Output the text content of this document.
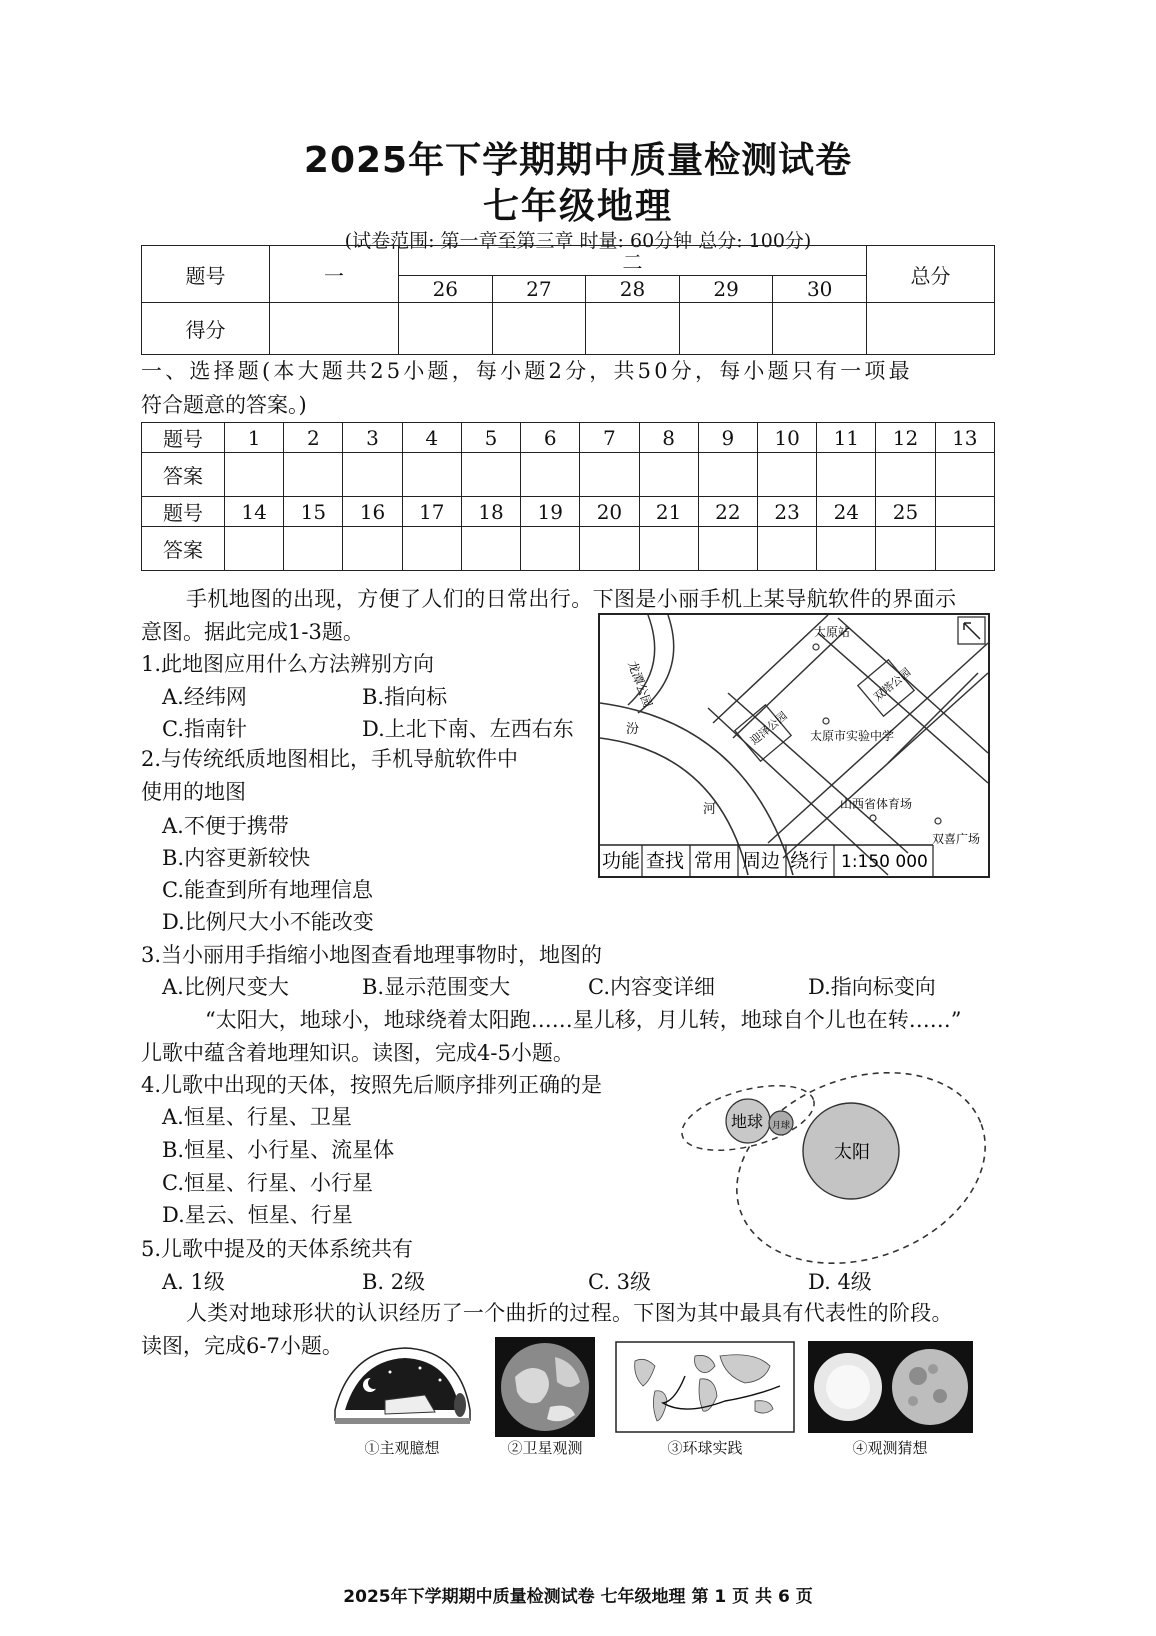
2025年下学期期中质量检测试卷
七年级地理
(试卷范围: 第一章至第三章 时量: 60分钟 总分: 100分)
题号	一	二					总分
		26	27	28	29	30	
得分							
一、选择题(本大题共25小题，每小题2分，共50分，每小题只有一项最
符合题意的答案。)
题号	1	2	3	4	5	6	7	8	9	10	11	12	13
答案													
题号	14	15	16	17	18	19	20	21	22	23	24	25	
答案													
手机地图的出现，方便了人们的日常出行。下图是小丽手机上某导航软件的界面示
意图。据此完成1-3题。
1.此地图应用什么方法辨别方向
A.经纬网	B.指向标
C.指南针	D.上北下南、左西右东
2.与传统纸质地图相比，手机导航软件中
使用的地图
A.不便于携带
B.内容更新较快
C.能查到所有地理信息
D.比例尺大小不能改变
龙潭公园
太原站
迎泽公园
双塔公园
太原市实验中学
山西省体育场
双喜广场
汾
河
功能 查找 常用 周边 绕行 1:150 000
3.当小丽用手指缩小地图查看地理事物时，地图的
A.比例尺变大	B.显示范围变大	C.内容变详细	D.指向标变向
“太阳大，地球小，地球绕着太阳跑……星儿移，月儿转，地球自个儿也在转……”
儿歌中蕴含着地理知识。读图，完成4-5小题。
4.儿歌中出现的天体，按照先后顺序排列正确的是
A.恒星、行星、卫星
B.恒星、小行星、流星体
C.恒星、行星、小行星
D.星云、恒星、行星
地球 月球
太阳
5.儿歌中提及的天体系统共有
A. 1级	B. 2级	C. 3级	D. 4级
人类对地球形状的认识经历了一个曲折的过程。下图为其中最具有代表性的阶段。
读图，完成6-7小题。
①主观臆想	②卫星观测	③环球实践	④观测猜想
2025年下学期期中质量检测试卷 七年级地理 第 1 页 共 6 页
